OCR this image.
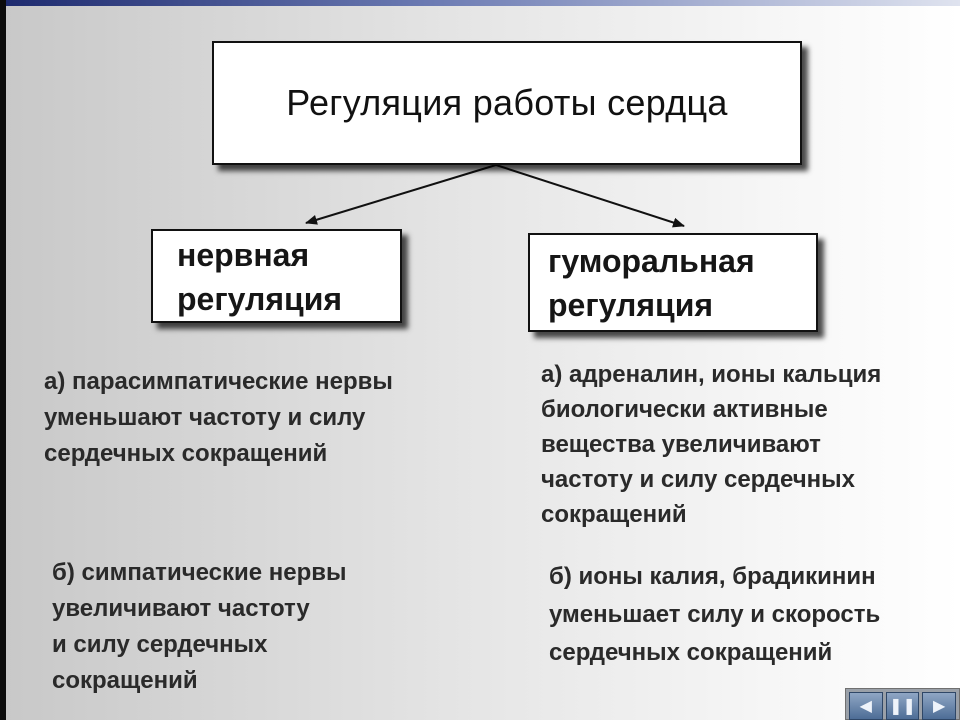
Регуляция работы сердца
нервная
регуляция
гуморальная
регуляция

а) парасимпатические нервы
уменьшают частоту и силу
сердечных сокращений

б) симпатические нервы
увеличивают частоту
и силу сердечных
сокращений

а) адреналин, ионы кальция
биологически активные
вещества увеличивают
частоту и силу сердечных
сокращений

б) ионы калия, брадикинин
уменьшает силу и скорость
сердечных сокращений

◀	❚❚	▶
